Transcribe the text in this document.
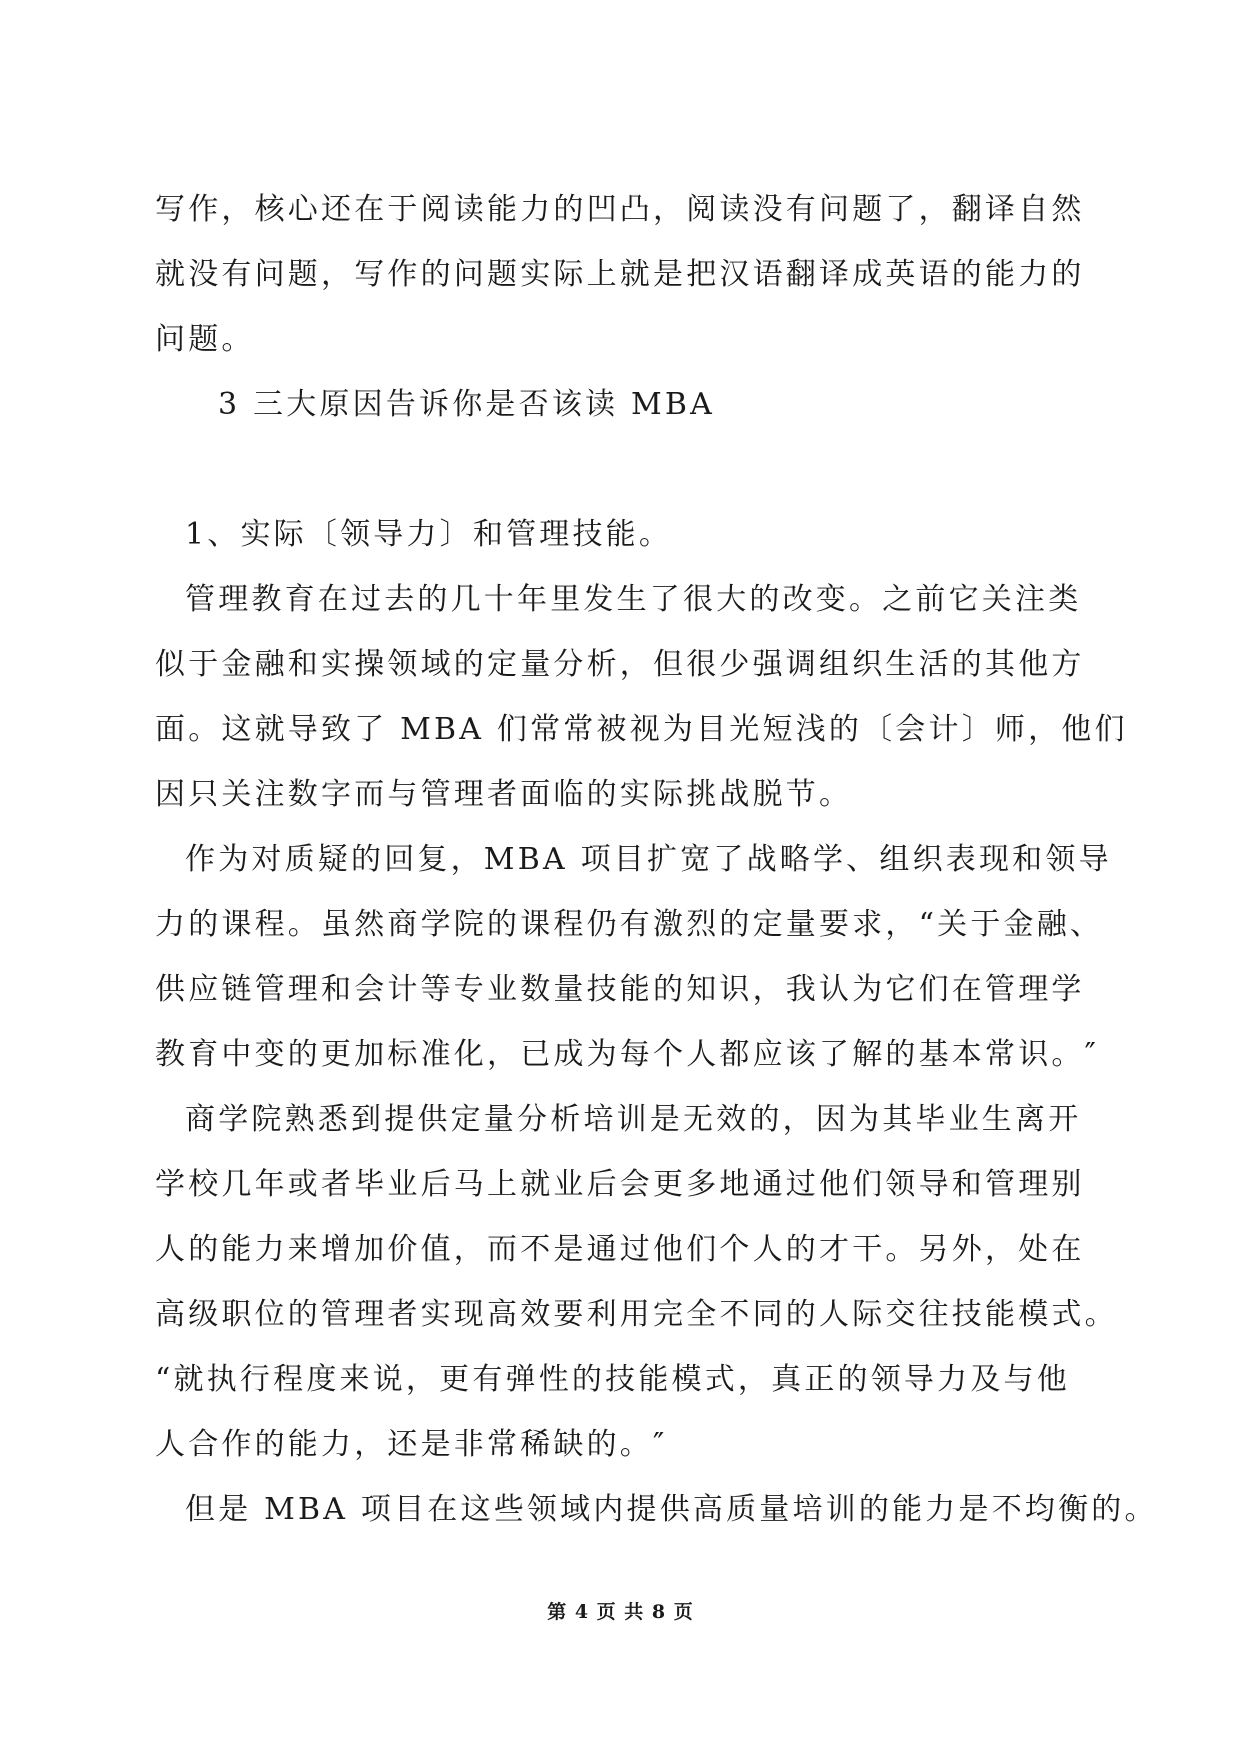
写作，核心还在于阅读能力的凹凸，阅读没有问题了，翻译自然
就没有问题，写作的问题实际上就是把汉语翻译成英语的能力的
问题。
3 三大原因告诉你是否该读 MBA
1、实际〔领导力〕和管理技能。
管理教育在过去的几十年里发生了很大的改变。之前它关注类
似于金融和实操领域的定量分析，但很少强调组织生活的其他方
面。这就导致了 MBA 们常常被视为目光短浅的〔会计〕师，他们
因只关注数字而与管理者面临的实际挑战脱节。
作为对质疑的回复，MBA 项目扩宽了战略学、组织表现和领导
力的课程。虽然商学院的课程仍有激烈的定量要求，“关于金融、
供应链管理和会计等专业数量技能的知识，我认为它们在管理学
教育中变的更加标准化，已成为每个人都应该了解的基本常识。″
商学院熟悉到提供定量分析培训是无效的，因为其毕业生离开
学校几年或者毕业后马上就业后会更多地通过他们领导和管理别
人的能力来增加价值，而不是通过他们个人的才干。另外，处在
高级职位的管理者实现高效要利用完全不同的人际交往技能模式。
“就执行程度来说，更有弹性的技能模式，真正的领导力及与他
人合作的能力，还是非常稀缺的。″
但是 MBA 项目在这些领域内提供高质量培训的能力是不均衡的。
第 4 页 共 8 页
